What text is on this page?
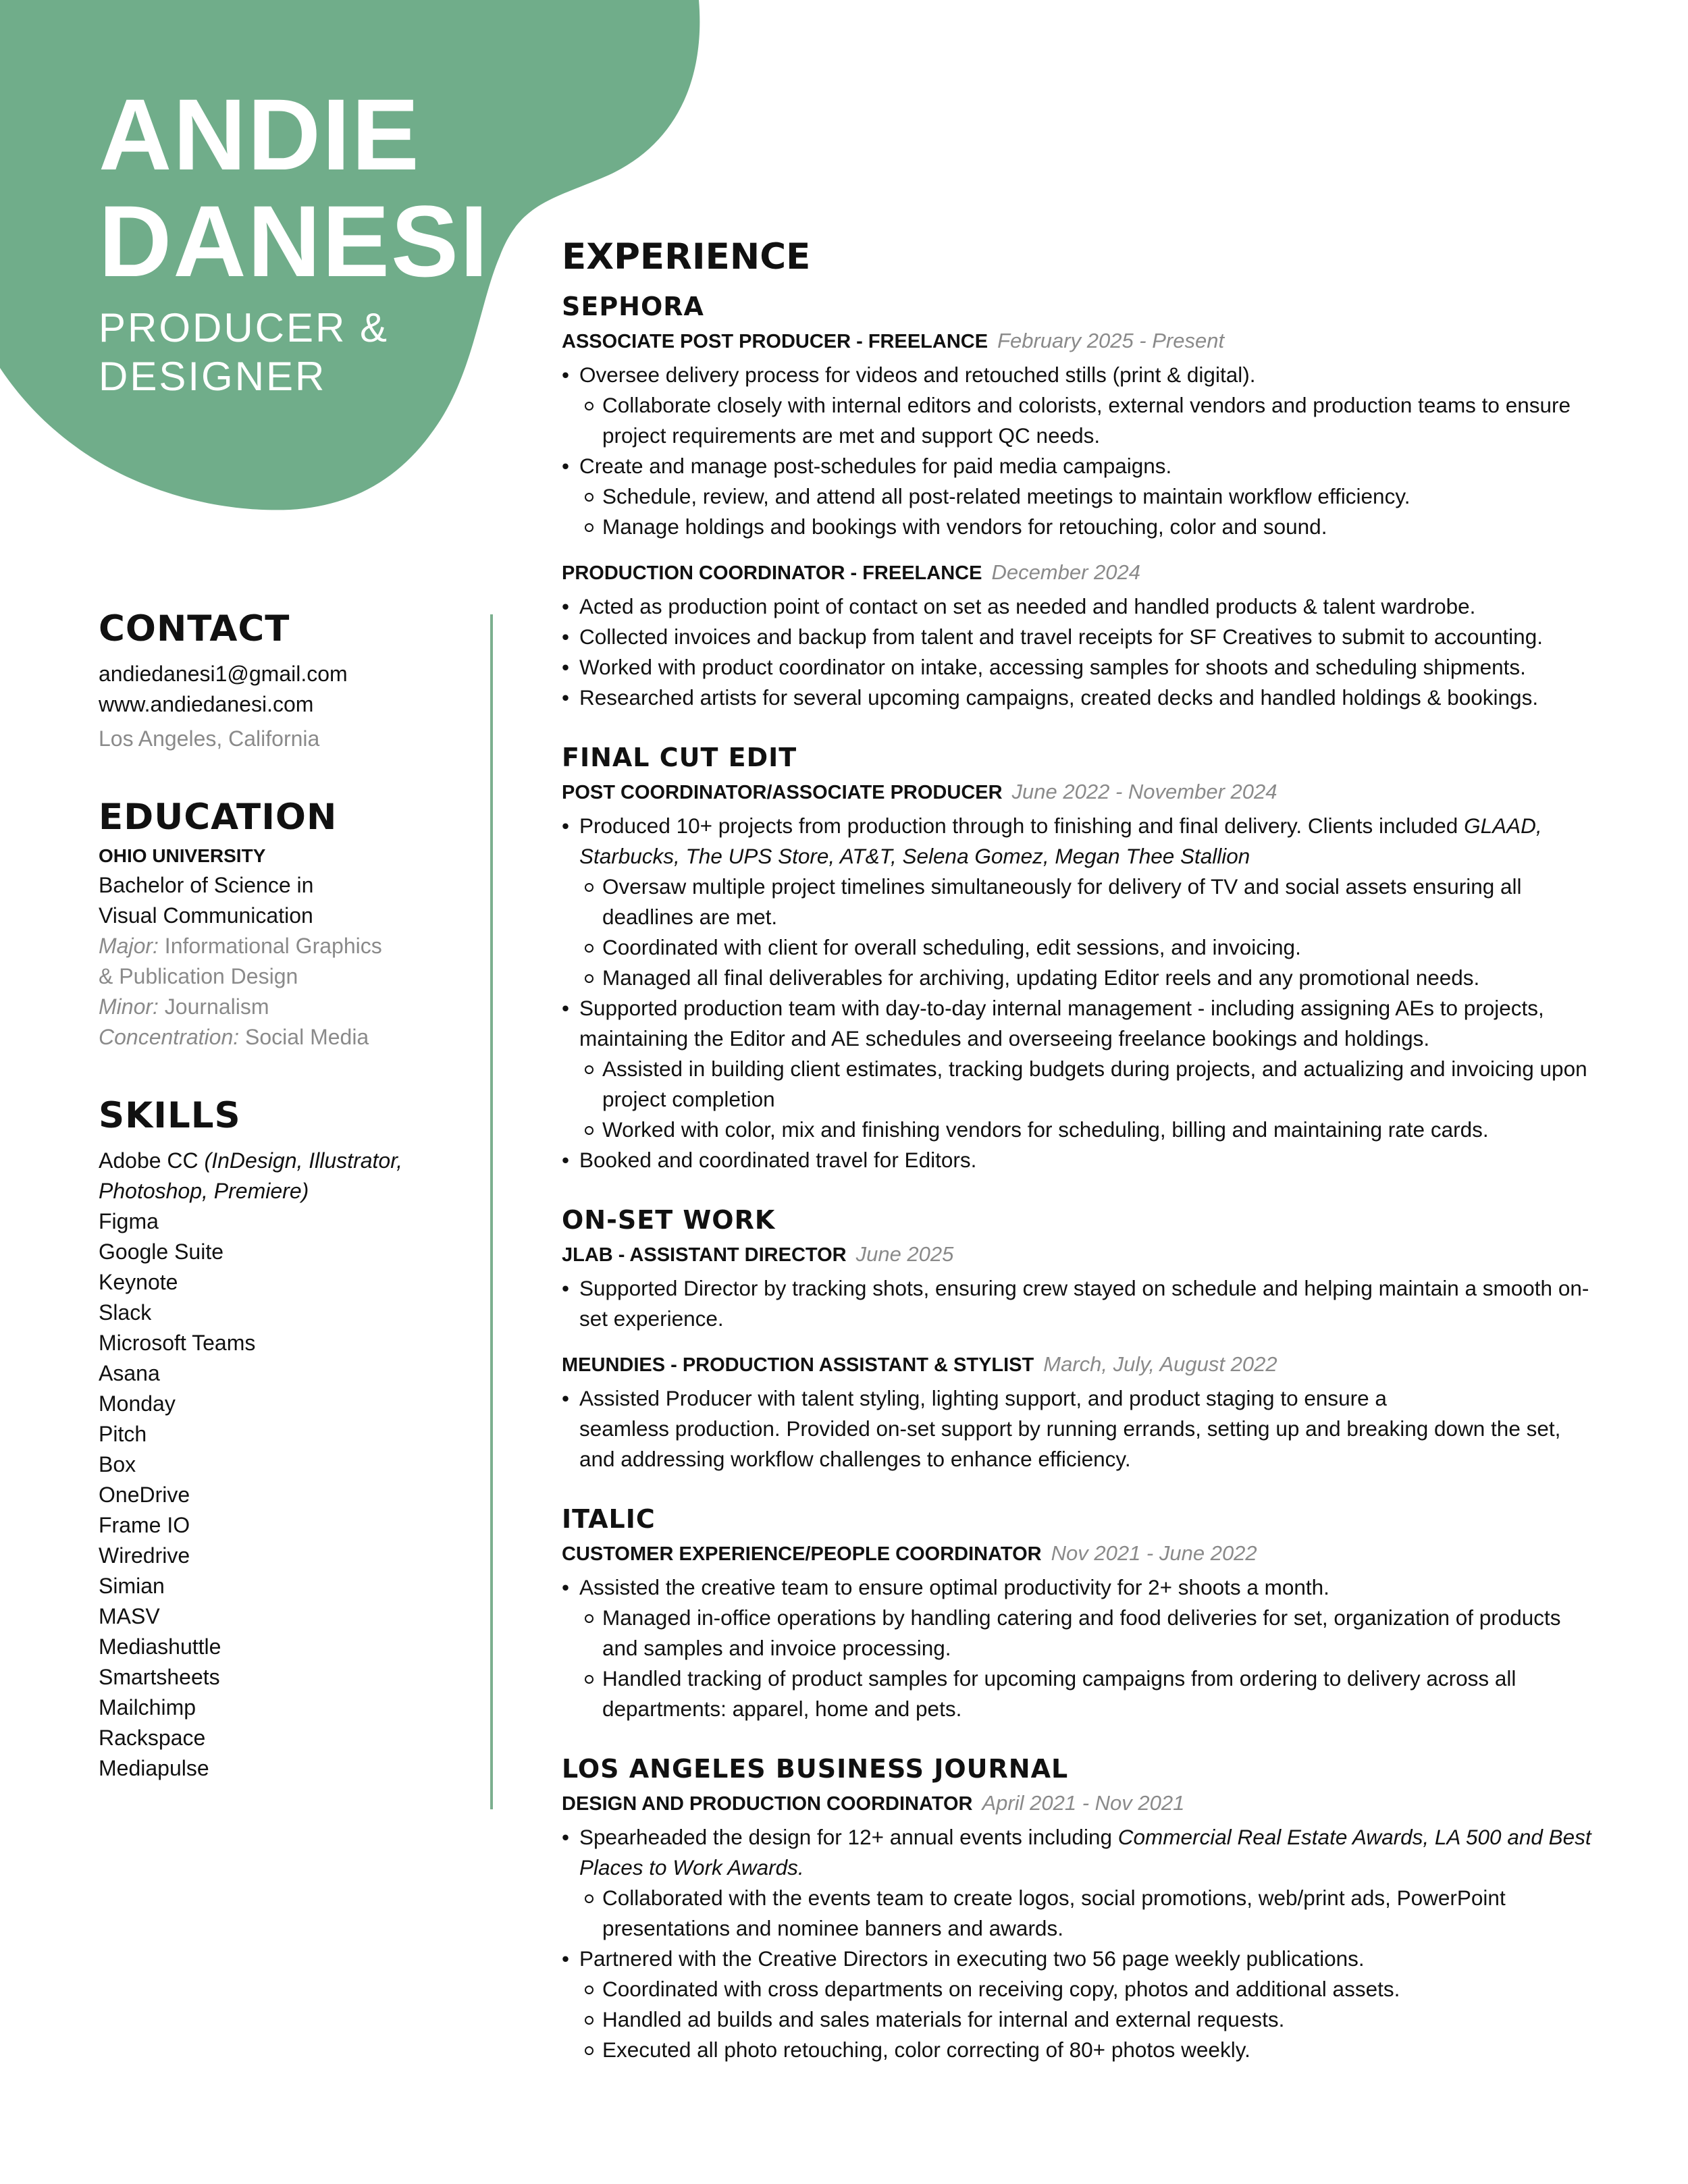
ANDIE
DANESI
PRODUCER &
DESIGNER
CONTACT
andiedanesi1@gmail.com
www.andiedanesi.com
Los Angeles, California
EDUCATION
OHIO UNIVERSITY
Bachelor of Science in
Visual Communication
Major: Informational Graphics
& Publication Design
Minor: Journalism
Concentration: Social Media
SKILLS
Adobe CC (InDesign, Illustrator,
Photoshop, Premiere)
Figma
Google Suite
Keynote
Slack
Microsoft Teams
Asana
Monday
Pitch
Box
OneDrive
Frame IO
Wiredrive
Simian
MASV
Mediashuttle
Smartsheets
Mailchimp
Rackspace
Mediapulse
EXPERIENCE
SEPHORA
ASSOCIATE POST PRODUCER - FREELANCE February 2025 - Present
• Oversee delivery process for videos and retouched stills (print & digital).
Collaborate closely with internal editors and colorists, external vendors and production teams to ensure project requirements are met and support QC needs.
• Create and manage post-schedules for paid media campaigns.
Schedule, review, and attend all post-related meetings to maintain workflow efficiency.
Manage holdings and bookings with vendors for retouching, color and sound.
PRODUCTION COORDINATOR - FREELANCE December 2024
• Acted as production point of contact on set as needed and handled products & talent wardrobe.
• Collected invoices and backup from talent and travel receipts for SF Creatives to submit to accounting.
• Worked with product coordinator on intake, accessing samples for shoots and scheduling shipments.
• Researched artists for several upcoming campaigns, created decks and handled holdings & bookings.
FINAL CUT EDIT
POST COORDINATOR/ASSOCIATE PRODUCER June 2022 - November 2024
• Produced 10+ projects from production through to finishing and final delivery. Clients included GLAAD, Starbucks, The UPS Store, AT&T, Selena Gomez, Megan Thee Stallion
Oversaw multiple project timelines simultaneously for delivery of TV and social assets ensuring all deadlines are met.
Coordinated with client for overall scheduling, edit sessions, and invoicing.
Managed all final deliverables for archiving, updating Editor reels and any promotional needs.
• Supported production team with day-to-day internal management - including assigning AEs to projects, maintaining the Editor and AE schedules and overseeing freelance bookings and holdings.
Assisted in building client estimates, tracking budgets during projects, and actualizing and invoicing upon project completion
Worked with color, mix and finishing vendors for scheduling, billing and maintaining rate cards.
• Booked and coordinated travel for Editors.
ON-SET WORK
JLAB - ASSISTANT DIRECTOR June 2025
• Supported Director by tracking shots, ensuring crew stayed on schedule and helping maintain a smooth on-set experience.
MEUNDIES - PRODUCTION ASSISTANT & STYLIST March, July, August 2022
• Assisted Producer with talent styling, lighting support, and product staging to ensure a
seamless production. Provided on-set support by running errands, setting up and breaking down the set, and addressing workflow challenges to enhance efficiency.
ITALIC
CUSTOMER EXPERIENCE/PEOPLE COORDINATOR Nov 2021 - June 2022
• Assisted the creative team to ensure optimal productivity for 2+ shoots a month.
Managed in-office operations by handling catering and food deliveries for set, organization of products and samples and invoice processing.
Handled tracking of product samples for upcoming campaigns from ordering to delivery across all departments: apparel, home and pets.
LOS ANGELES BUSINESS JOURNAL
DESIGN AND PRODUCTION COORDINATOR April 2021 - Nov 2021
• Spearheaded the design for 12+ annual events including Commercial Real Estate Awards, LA 500 and Best Places to Work Awards.
Collaborated with the events team to create logos, social promotions, web/print ads, PowerPoint presentations and nominee banners and awards.
• Partnered with the Creative Directors in executing two 56 page weekly publications.
Coordinated with cross departments on receiving copy, photos and additional assets.
Handled ad builds and sales materials for internal and external requests.
Executed all photo retouching, color correcting of 80+ photos weekly.
